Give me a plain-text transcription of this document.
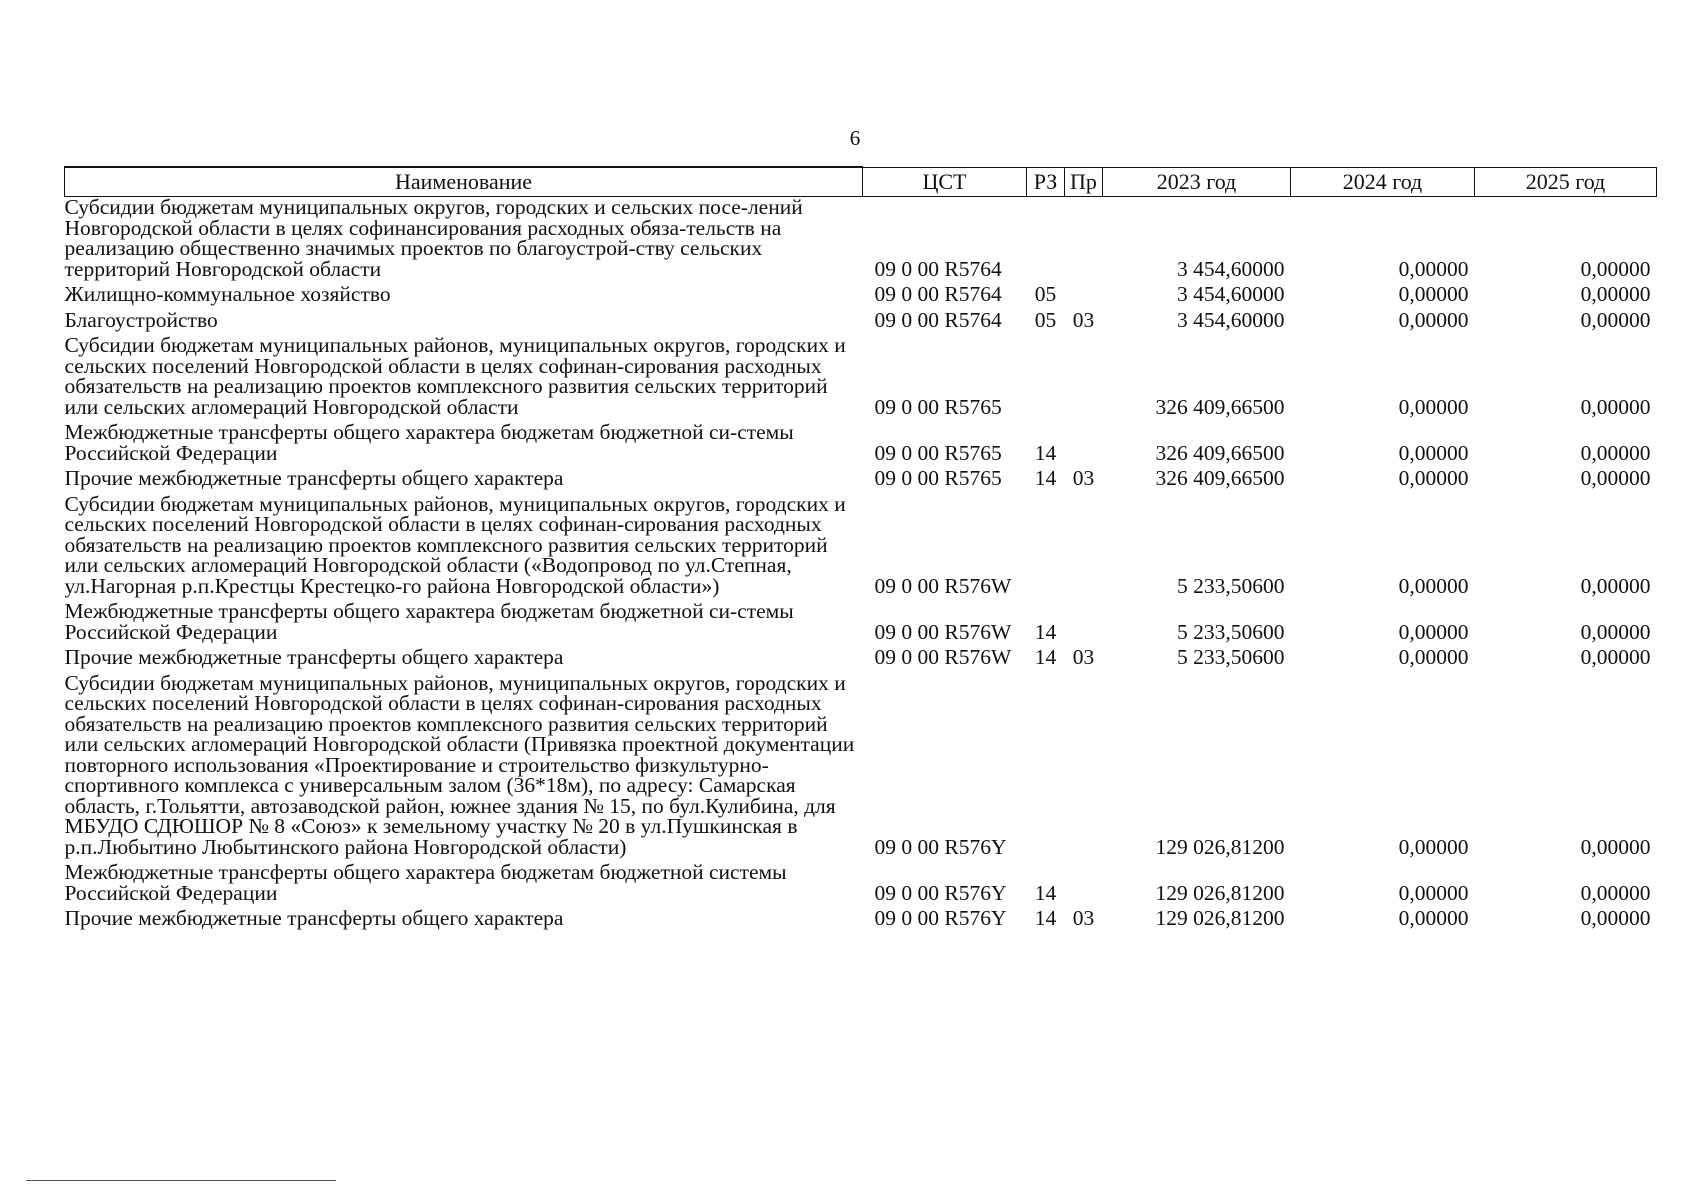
6
Наименование	ЦСТ	РЗ	Пр	2023 год	2024 год	2025 год
Субсидии бюджетам муниципальных округов, городских и сельских посе-лений Новгородской области в целях софинансирования расходных обяза-тельств на реализацию общественно значимых проектов по благоустрой-ству сельских территорий Новгородской области	09 0 00 R5764			3 454,60000	0,00000	0,00000
Жилищно-коммунальное хозяйство	09 0 00 R5764	05		3 454,60000	0,00000	0,00000
Благоустройство	09 0 00 R5764	05	03	3 454,60000	0,00000	0,00000
Субсидии бюджетам муниципальных районов, муниципальных округов, городских и сельских поселений Новгородской области в целях софинан-сирования расходных обязательств на реализацию проектов комплексного развития сельских территорий или сельских агломераций Новгородской области	09 0 00 R5765			326 409,66500	0,00000	0,00000
Межбюджетные трансферты общего характера бюджетам бюджетной си-стемы Российской Федерации	09 0 00 R5765	14		326 409,66500	0,00000	0,00000
Прочие межбюджетные трансферты общего характера	09 0 00 R5765	14	03	326 409,66500	0,00000	0,00000
Субсидии бюджетам муниципальных районов, муниципальных округов, городских и сельских поселений Новгородской области в целях софинан-сирования расходных обязательств на реализацию проектов комплексного развития сельских территорий или сельских агломераций Новгородской области («Водопровод по ул.Степная, ул.Нагорная р.п.Крестцы Крестецко-го района Новгородской области»)	09 0 00 R576W			5 233,50600	0,00000	0,00000
Межбюджетные трансферты общего характера бюджетам бюджетной си-стемы Российской Федерации	09 0 00 R576W	14		5 233,50600	0,00000	0,00000
Прочие межбюджетные трансферты общего характера	09 0 00 R576W	14	03	5 233,50600	0,00000	0,00000
Субсидии бюджетам муниципальных районов, муниципальных округов, городских и сельских поселений Новгородской области в целях софинан-сирования расходных обязательств на реализацию проектов комплексного развития сельских территорий или сельских агломераций Новгородской области (Привязка проектной документации повторного использования «Проектирование и строительство физкультурно-спортивного комплекса с универсальным залом (36*18м), по адресу: Самарская область, г.Тольятти, автозаводской район, южнее здания № 15, по бул.Кулибина, для МБУДО СДЮШОР № 8 «Союз» к земельному участку № 20 в ул.Пушкинская в р.п.Любытино Любытинского района Новгородской области)	09 0 00 R576Y			129 026,81200	0,00000	0,00000
Межбюджетные трансферты общего характера бюджетам бюджетной системы Российской Федерации	09 0 00 R576Y	14		129 026,81200	0,00000	0,00000
Прочие межбюджетные трансферты общего характера	09 0 00 R576Y	14	03	129 026,81200	0,00000	0,00000
